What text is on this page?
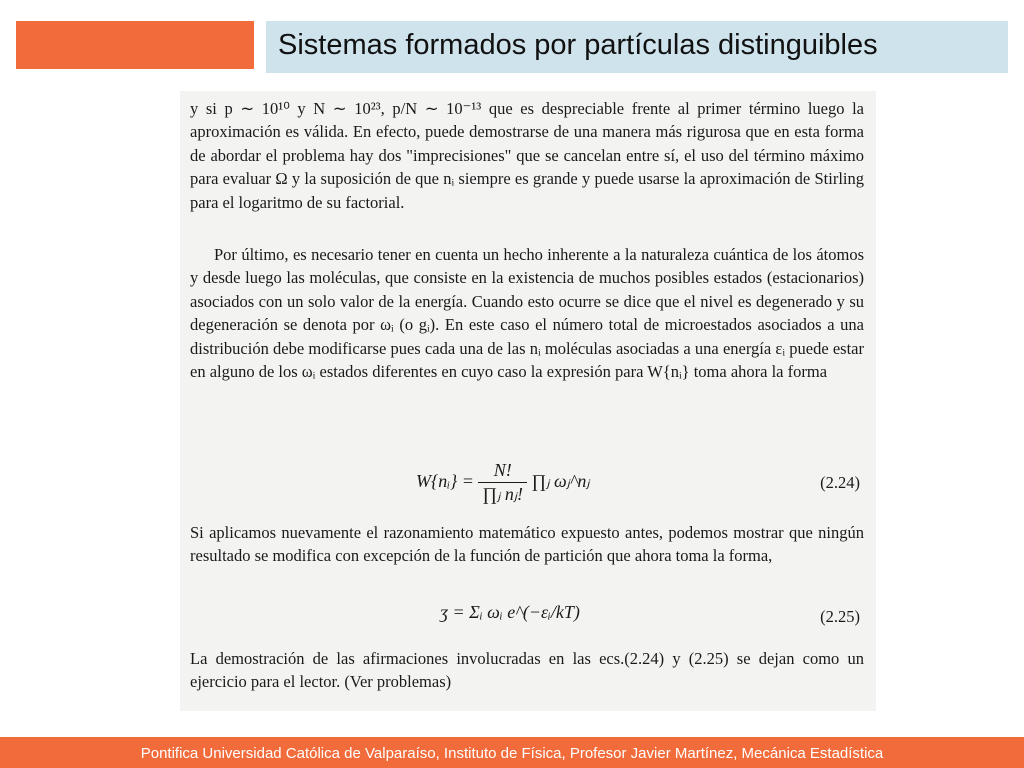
Sistemas formados por partículas distinguibles
y si p ∼ 10¹⁰ y N ∼ 10²³, p/N ∼ 10⁻¹³ que es despreciable frente al primer término luego la aproximación es válida. En efecto, puede demostrarse de una manera más rigurosa que en esta forma de abordar el problema hay dos "imprecisiones" que se cancelan entre sí, el uso del término máximo para evaluar Ω y la suposición de que nᵢ siempre es grande y puede usarse la aproximación de Stirling para el logaritmo de su factorial.
Por último, es necesario tener en cuenta un hecho inherente a la naturaleza cuántica de los átomos y desde luego las moléculas, que consiste en la existencia de muchos posibles estados (estacionarios) asociados con un solo valor de la energía. Cuando esto ocurre se dice que el nivel es degenerado y su degeneración se denota por ωᵢ (o gᵢ). En este caso el número total de microestados asociados a una distribución debe modificarse pues cada una de las nᵢ moléculas asociadas a una energía εᵢ puede estar en alguno de los ωᵢ estados diferentes en cuyo caso la expresión para W{nᵢ} toma ahora la forma
W{nᵢ} = $\frac{N!}{\text{∏ⱼ nⱼ!}}$ ∏ⱼ ωⱼ^nⱼ	(2.24)
Si aplicamos nuevamente el razonamiento matemático expuesto antes, podemos mostrar que ningún resultado se modifica con excepción de la función de partición que ahora toma la forma,
ʒ = Σᵢ ωᵢ e^(−εᵢ/kT)	(2.25)
La demostración de las afirmaciones involucradas en las ecs.(2.24) y (2.25) se dejan como un ejercicio para el lector. (Ver problemas)
Pontifica Universidad Católica de Valparaíso, Instituto de Física, Profesor Javier Martínez, Mecánica Estadística
